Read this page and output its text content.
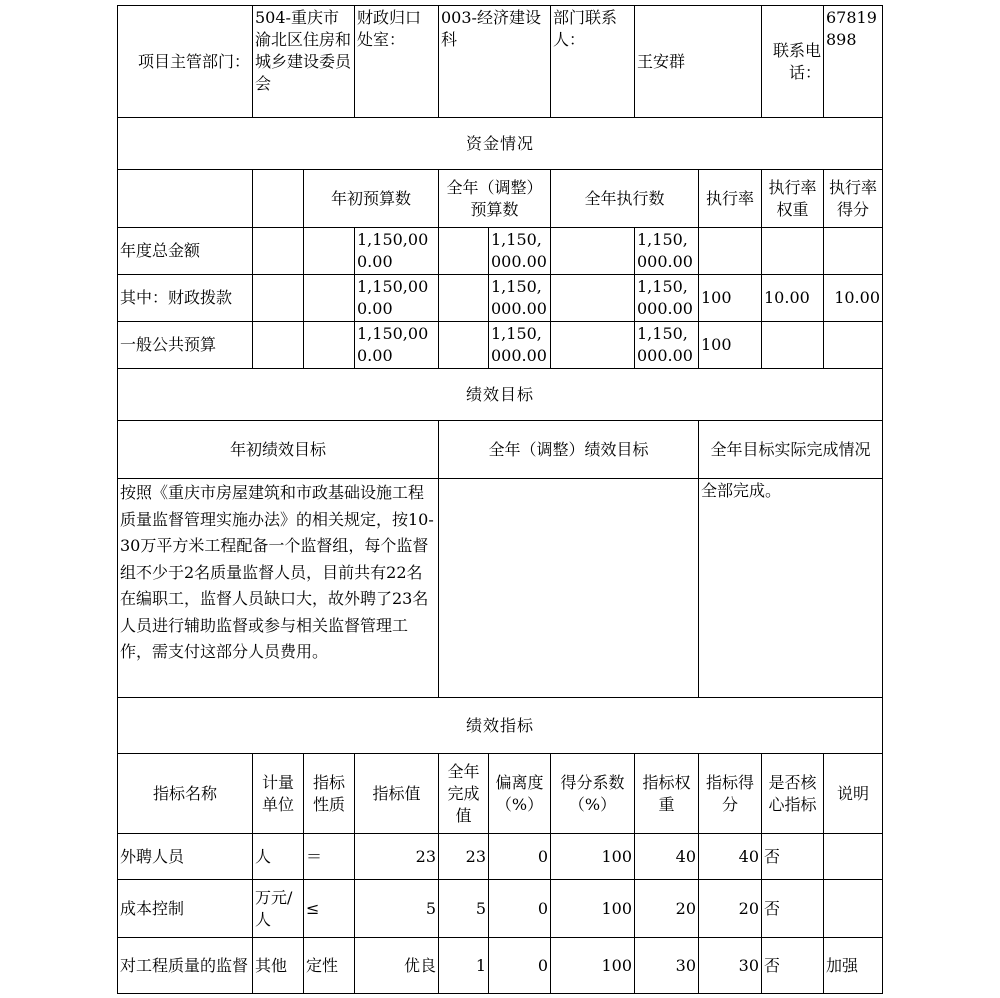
项目主管部门：	504-重庆市渝北区住房和城乡建设委员会		财政归口处室：	003-经济建设科		部门联系人：	王安群		联系电话：	67819898
资金情况										
		年初预算数		全年（调整）预算数		全年执行数		执行率	执行率权重	执行率得分
年度总金额			1,150,000.00		1,150,000.00		1,150,000.00			
其中：财政拨款			1,150,000.00		1,150,000.00		1,150,000.00	100	10.00	10.00
一般公共预算			1,150,000.00		1,150,000.00		1,150,000.00	100		
绩效目标										
年初绩效目标				全年（调整）绩效目标				全年目标实际完成情况		
按照《重庆市房屋建筑和市政基础设施工程质量监督管理实施办法》的相关规定，按10-30万平方米工程配备一个监督组，每个监督组不少于2名质量监督人员，目前共有22名在编职工，监督人员缺口大，故外聘了23名人员进行辅助监督或参与相关监督管理工作，需支付这部分人员费用。								全部完成。		
绩效指标										
指标名称	计量单位	指标性质	指标值	全年完成值	偏离度（%）	得分系数（%）	指标权重	指标得分	是否核心指标	说明
外聘人员	人	＝	23	23	0	100	40	40	否	
成本控制	万元/人	≤	5	5	0	100	20	20	否	
对工程质量的监督	其他	定性	优良	1	0	100	30	30	否	加强
